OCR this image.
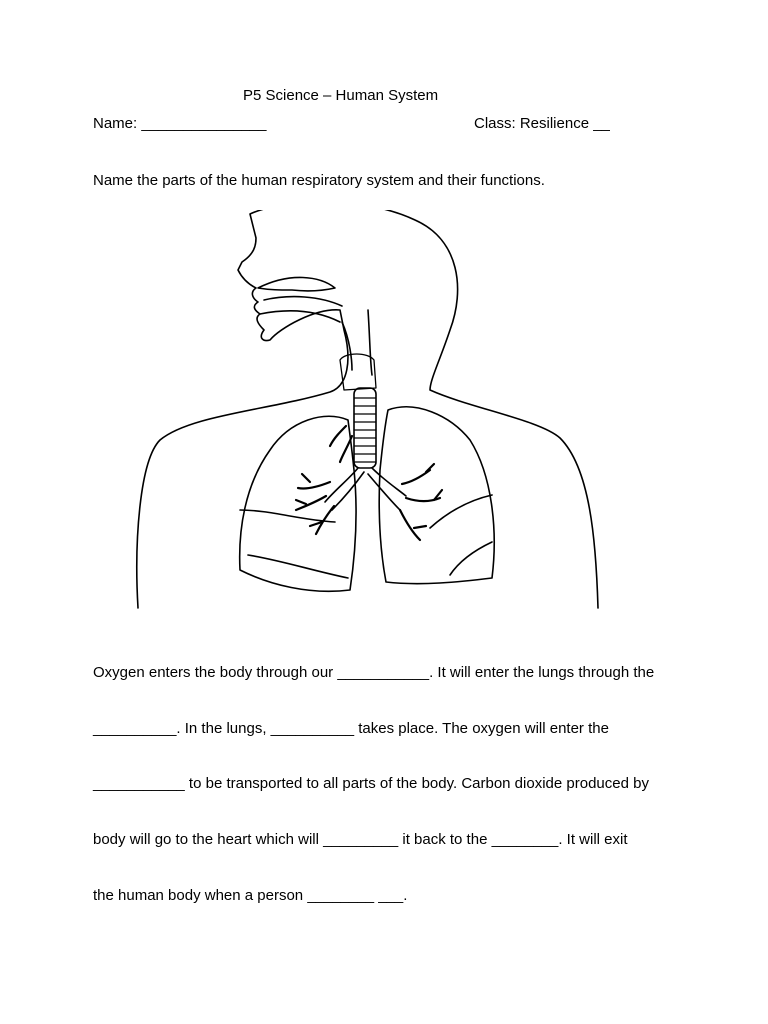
P5 Science – Human System
Name: _______________	Class: Resilience __
Name the parts of the human respiratory system and their functions.
Oxygen enters the body through our ___________. It will enter the lungs through the
__________. In the lungs, __________ takes place. The oxygen will enter the
___________ to be transported to all parts of the body. Carbon dioxide produced by
body will go to the heart which will _________ it back to the ________. It will exit
the human body when a person ________ ___.
